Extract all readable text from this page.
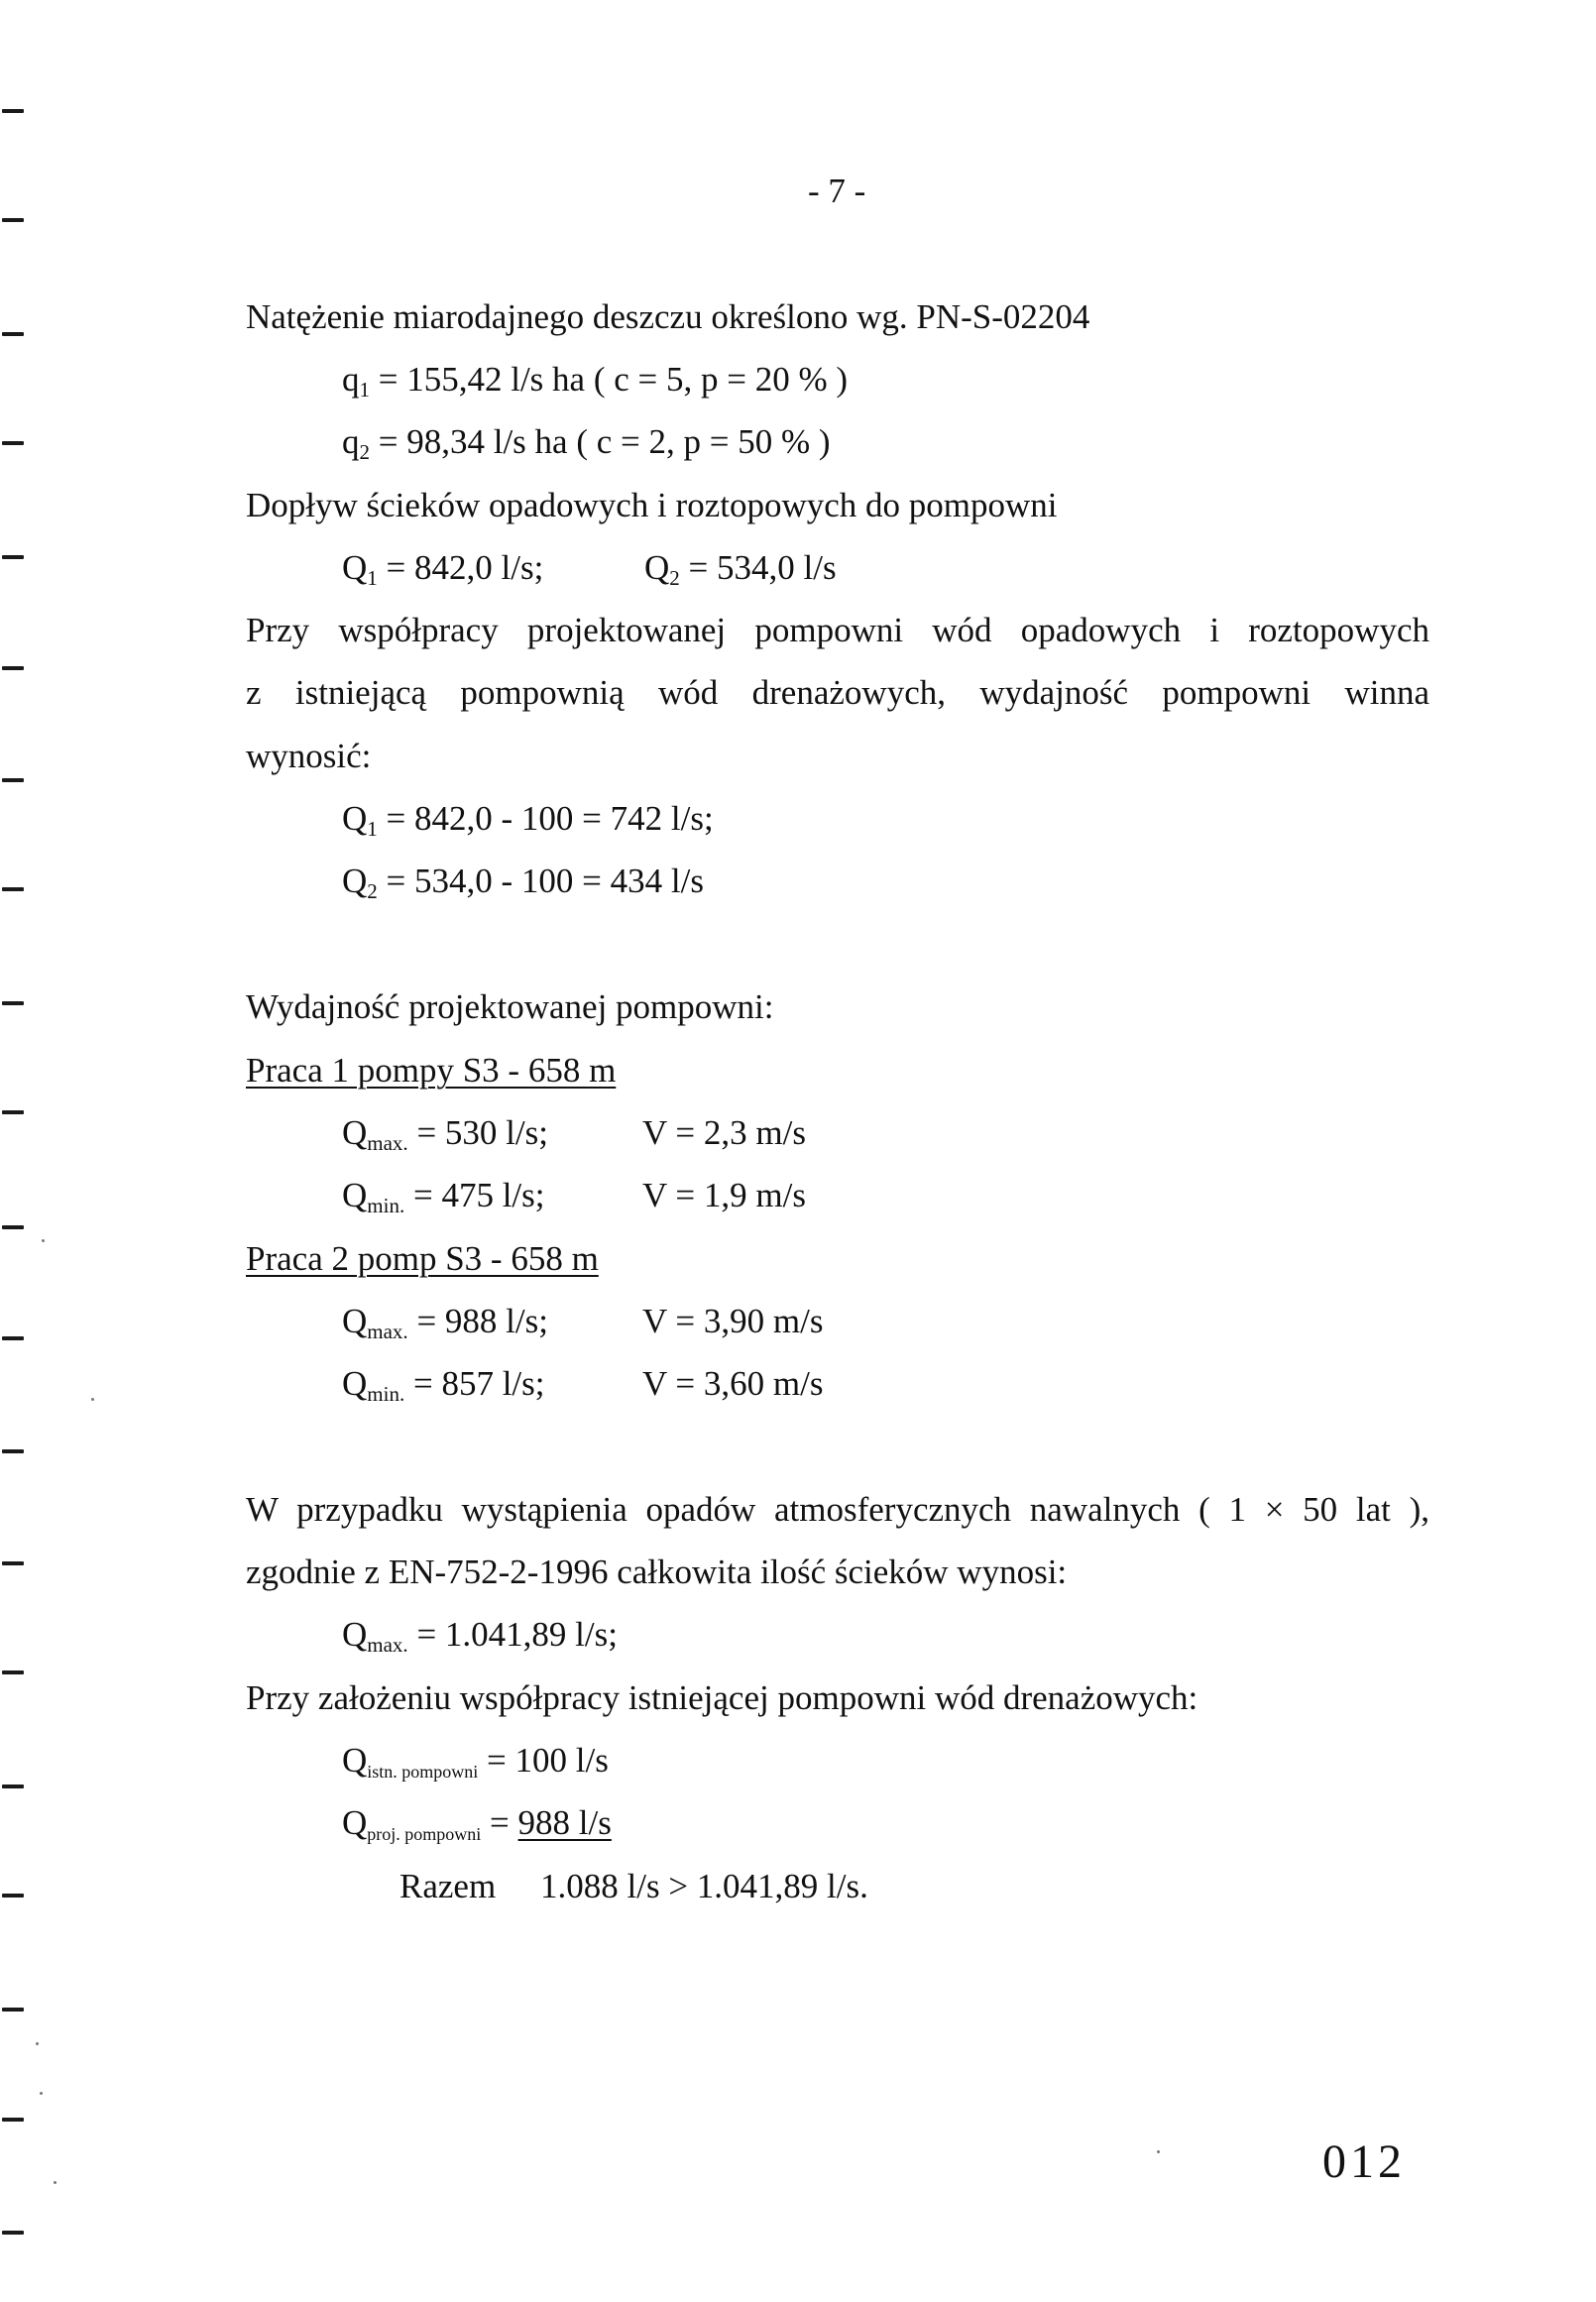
- 7 -
Natężenie miarodajnego deszczu określono wg. PN-S-02204
$q_1 = 155,42$ l/s ha ( c = 5, p = 20 % )
$q_2 = 98,34$ l/s ha ( c = 2, p = 50 % )
Dopływ ścieków opadowych i roztopowych do pompowni
$Q_1 = 842,0$ l/s;	$Q_2 = 534,0$ l/s
Przy współpracy projektowanej pompowni wód opadowych i roztopowych
z istniejącą pompownią wód drenażowych, wydajność pompowni winna
wynosić:
$Q_1 = 842,0 - 100 = 742$ l/s;
$Q_2 = 534,0 - 100 = 434$ l/s
Wydajność projektowanej pompowni:
Praca 1 pompy S3 - 658 m
$Q_{max.} = 530$ l/s;	V = 2,3 m/s
$Q_{min.} = 475$ l/s;	V = 1,9 m/s
Praca 2 pomp S3 - 658 m
$Q_{max.} = 988$ l/s;	V = 3,90 m/s
$Q_{min.} = 857$ l/s;	V = 3,60 m/s
W przypadku wystąpienia opadów atmosferycznych nawalnych ( 1 × 50 lat ),
zgodnie z EN-752-2-1996 całkowita ilość ścieków wynosi:
$Q_{max.} = 1.041,89$ l/s;
Przy założeniu współpracy istniejącej pompowni wód drenażowych:
$Q_{istn. pompowni} = 100$ l/s
$Q_{proj. pompowni} = 988$ l/s
Razem 1.088 l/s > 1.041,89 l/s.
012
